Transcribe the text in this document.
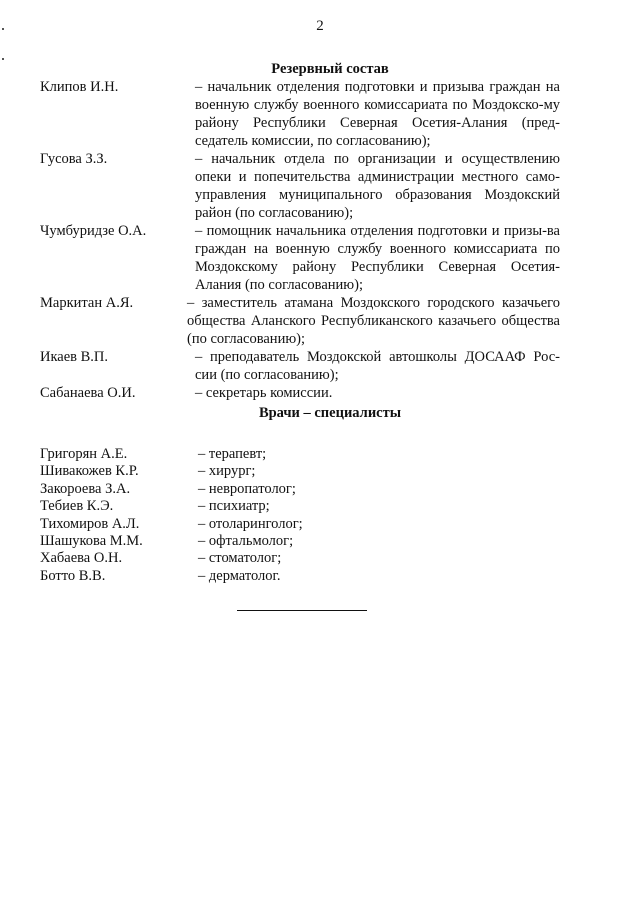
2
Резервный состав
Клипов И.Н.	– начальник отделения подготовки и призыва граждан на военную службу военного комиссариата по Моздокско-му району Республики Северная Осетия-Алания (пред-седатель комиссии, по согласованию);
Гусова З.З.	– начальник отдела по организации и осуществлению опеки и попечительства администрации местного само-управления муниципального образования Моздокский район (по согласованию);
Чумбуридзе О.А.	– помощник начальника отделения подготовки и призы-ва граждан на военную службу военного комиссариата по Моздокскому району Республики Северная Осетия-Алания (по согласованию);
Маркитан А.Я.	– заместитель атамана Моздокского городского казачьего общества Аланского Республиканского казачьего общества (по согласованию);
Икаев В.П.	– преподаватель Моздокской автошколы ДОСААФ Рос-сии (по согласованию);
Сабанаева О.И.	– секретарь комиссии.
Врачи – специалисты
Григорян А.Е.	– терапевт;
Шивакожев К.Р.	– хирург;
Закороева З.А.	– невропатолог;
Тебиев К.Э.	– психиатр;
Тихомиров А.Л.	– отоларинголог;
Шашукова М.М.	– офтальмолог;
Хабаева О.Н.	– стоматолог;
Ботто В.В.	– дерматолог.
